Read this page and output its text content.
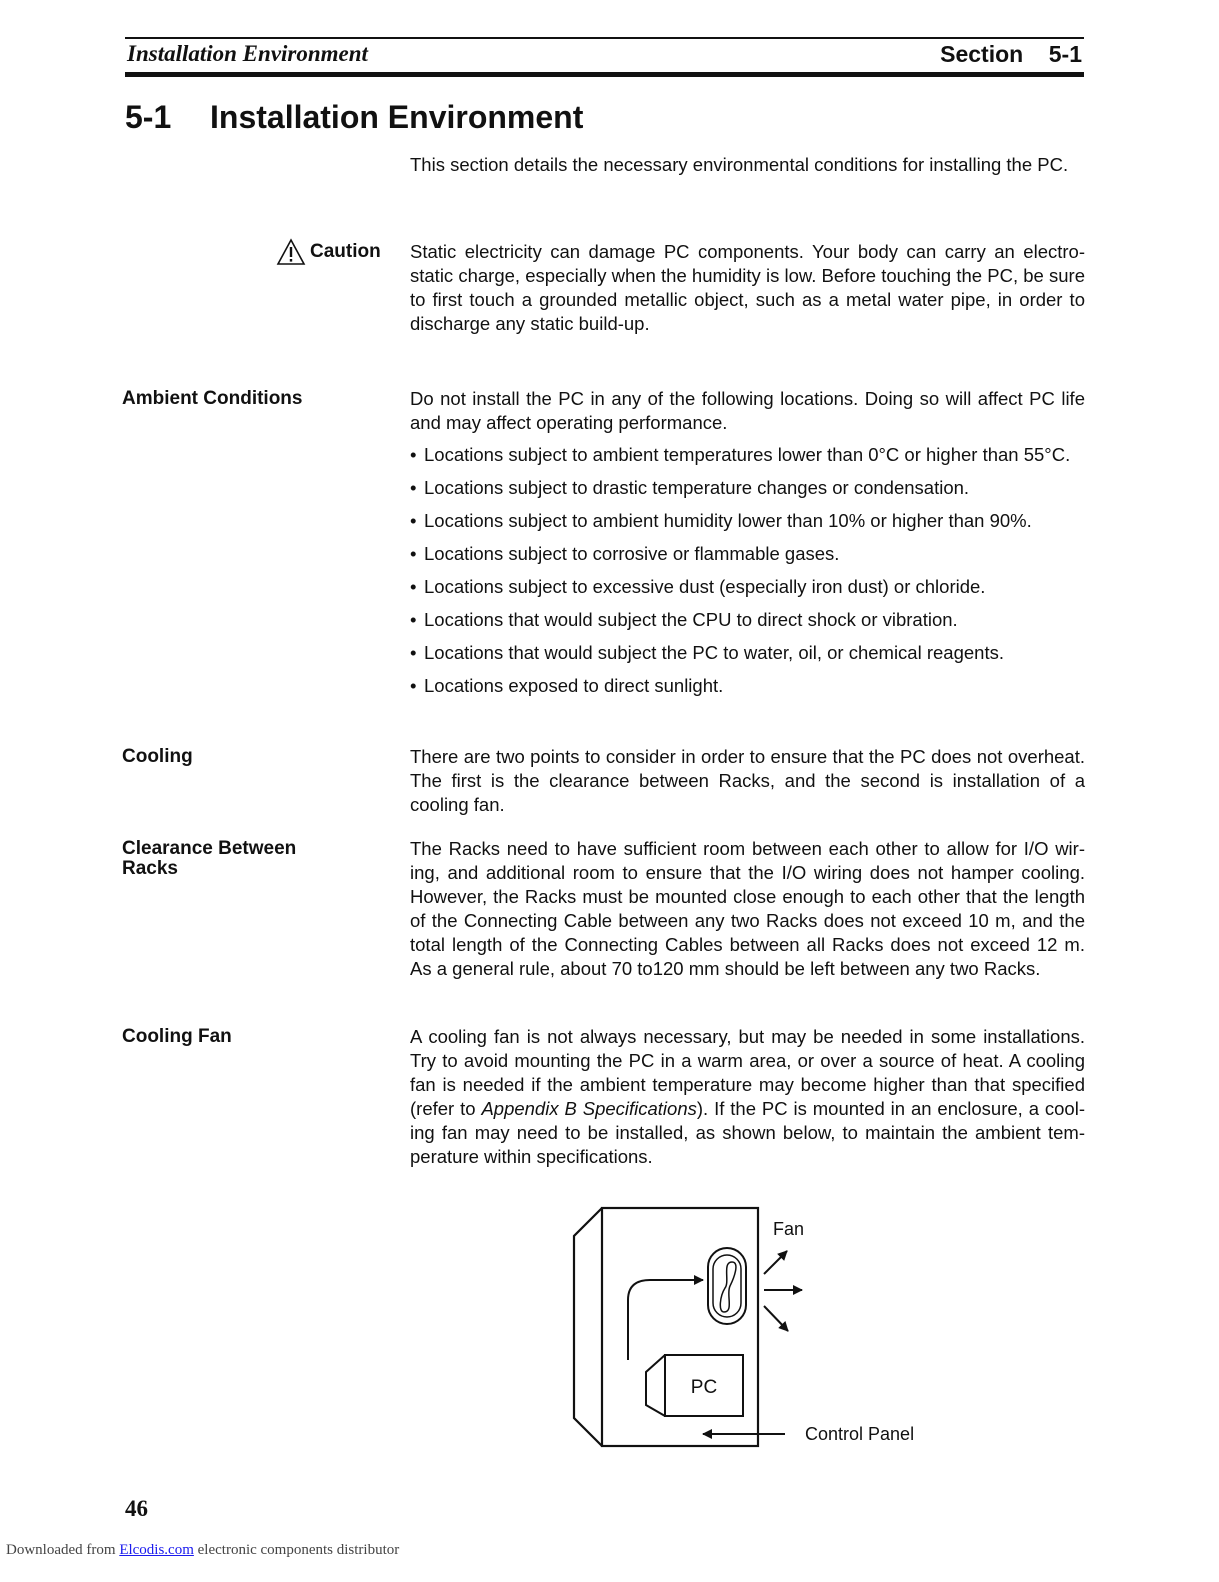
Installation Environment	Section    5-1
5-1 Installation Environment
This section details the necessary environmental conditions for installing the PC.
Caution Static electricity can damage PC components. Your body can carry an electrostatic charge, especially when the humidity is low. Before touching the PC, be sure to first touch a grounded metallic object, such as a metal water pipe, in order to discharge any static build-up.
Ambient Conditions	Do not install the PC in any of the following locations. Doing so will affect PC life and may affect operating performance.
• Locations subject to ambient temperatures lower than 0°C or higher than 55°C.
• Locations subject to drastic temperature changes or condensation.
• Locations subject to ambient humidity lower than 10% or higher than 90%.
• Locations subject to corrosive or flammable gases.
• Locations subject to excessive dust (especially iron dust) or chloride.
• Locations that would subject the CPU to direct shock or vibration.
• Locations that would subject the PC to water, oil, or chemical reagents.
• Locations exposed to direct sunlight.
Cooling	There are two points to consider in order to ensure that the PC does not overheat. The first is the clearance between Racks, and the second is installation of a cooling fan.
Clearance Between Racks
The Racks need to have sufficient room between each other to allow for I/O wiring, and additional room to ensure that the I/O wiring does not hamper cooling. However, the Racks must be mounted close enough to each other that the length of the Connecting Cable between any two Racks does not exceed 10 m, and the total length of the Connecting Cables between all Racks does not exceed 12 m. As a general rule, about 70 to120 mm should be left between any two Racks.
Cooling Fan	A cooling fan is not always necessary, but may be needed in some installations. Try to avoid mounting the PC in a warm area, or over a source of heat. A cooling fan is needed if the ambient temperature may become higher than that specified (refer to Appendix B Specifications). If the PC is mounted in an enclosure, a cooling fan may need to be installed, as shown below, to maintain the ambient temperature within specifications.
PC
Fan
Control Panel
46
Downloaded from Elcodis.com electronic components distributor
